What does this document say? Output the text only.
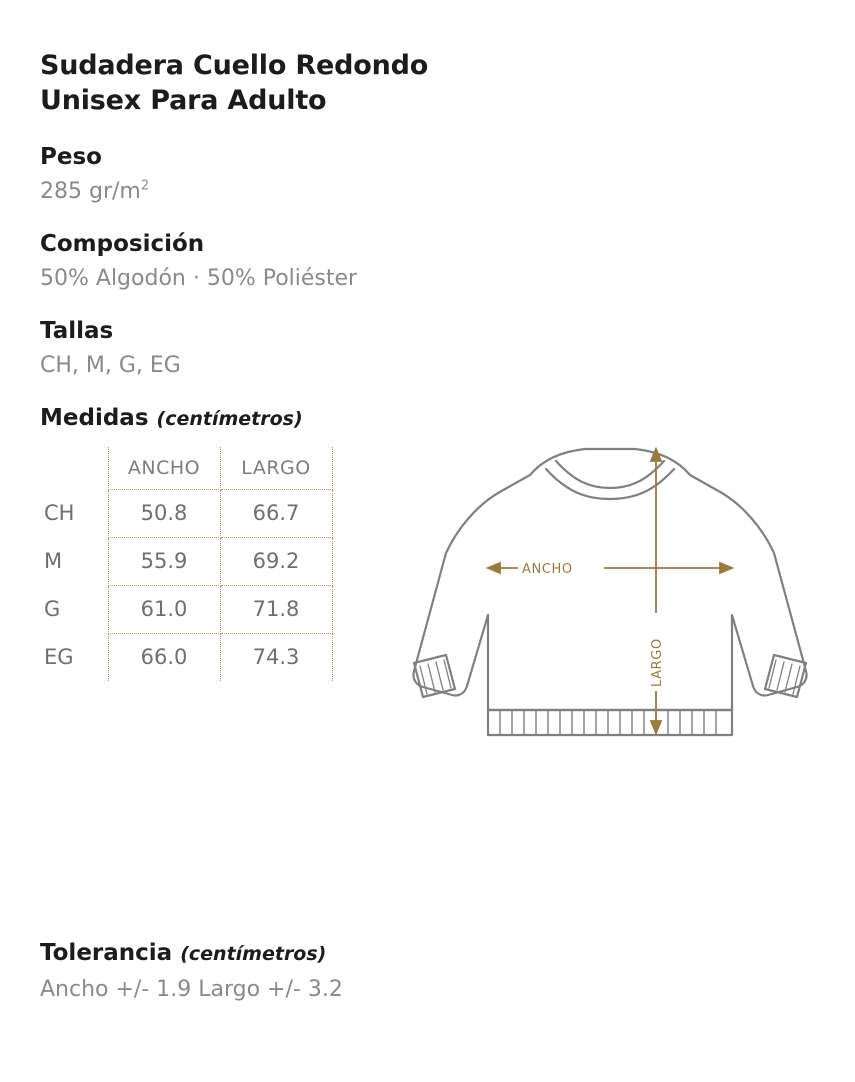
Sudadera Cuello Redondo
Unisex Para Adulto
Peso
285 $gr/m^2$
Composición
50% Algodón · 50% Poliéster
Tallas
CH, M, G, EG
Medidas (centímetros)
	ANCHO	LARGO
CH	50.8	66.7
M	55.9	69.2
G	61.0	71.8
EG	66.0	74.3
ANCHO
LARGO
Tolerancia (centímetros)
Ancho +/- 1.9 Largo +/- 3.2
